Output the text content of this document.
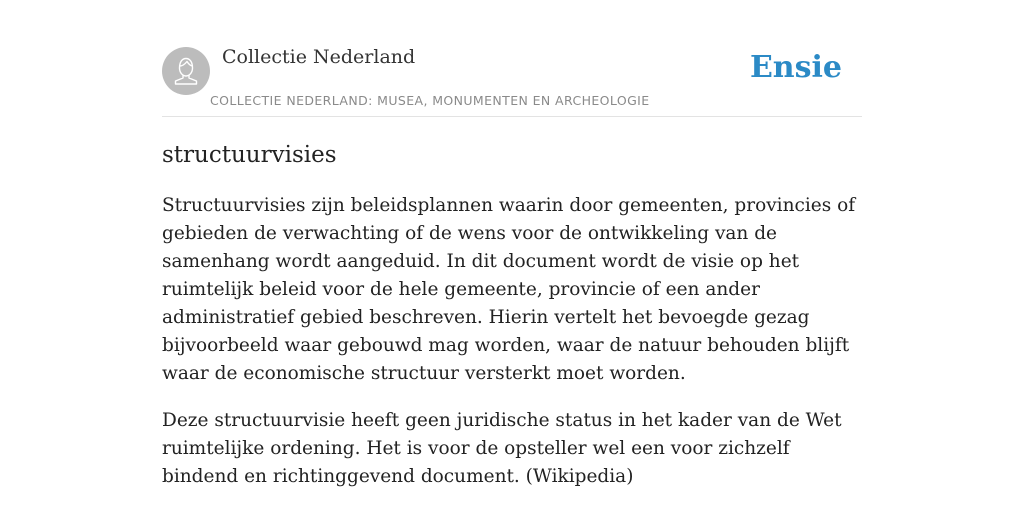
Collectie Nederland
COLLECTIE NEDERLAND: MUSEA, MONUMENTEN EN ARCHEOLOGIE
Ensie
structuurvisies

Structuurvisies zijn beleidsplannen waarin door gemeenten, provincies of gebieden de verwachting of de wens voor de ontwikkeling van de samenhang wordt aangeduid. In dit document wordt de visie op het ruimtelijk beleid voor de hele gemeente, provincie of een ander administratief gebied beschreven. Hierin vertelt het bevoegde gezag bijvoorbeeld waar gebouwd mag worden, waar de natuur behouden blijft waar de economische structuur versterkt moet worden.

Deze structuurvisie heeft geen juridische status in het kader van de Wet ruimtelijke ordening. Het is voor de opsteller wel een voor zichzelf bindend en richtinggevend document. (Wikipedia)
